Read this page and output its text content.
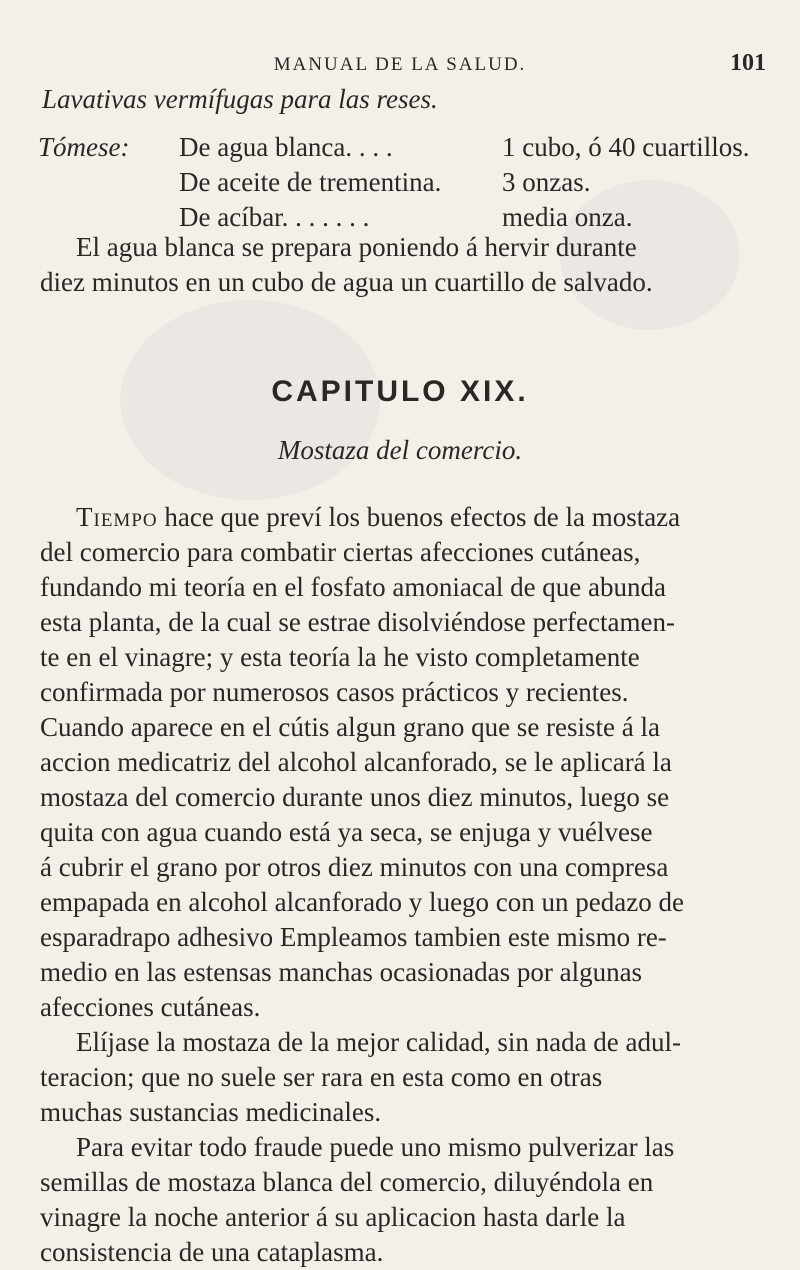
MANUAL DE LA SALUD.	101
Lavativas vermífugas para las reses.
Tómese:	De agua blanca. . . .	1 cubo, ó 40 cuartillos.
De aceite de trementina.	3 onzas.
De acíbar. . . . . . .	media onza.
El agua blanca se prepara poniendo á hervir durante
diez minutos en un cubo de agua un cuartillo de salvado.
CAPITULO XIX.
Mostaza del comercio.
Tiempo hace que preví los buenos efectos de la mostaza
del comercio para combatir ciertas afecciones cutáneas,
fundando mi teoría en el fosfato amoniacal de que abunda
esta planta, de la cual se estrae disolviéndose perfectamen-
te en el vinagre; y esta teoría la he visto completamente
confirmada por numerosos casos prácticos y recientes.
Cuando aparece en el cútis algun grano que se resiste á la
accion medicatriz del alcohol alcanforado, se le aplicará la
mostaza del comercio durante unos diez minutos, luego se
quita con agua cuando está ya seca, se enjuga y vuélvese
á cubrir el grano por otros diez minutos con una compresa
empapada en alcohol alcanforado y luego con un pedazo de
esparadrapo adhesivo Empleamos tambien este mismo re-
medio en las estensas manchas ocasionadas por algunas
afecciones cutáneas.
Elíjase la mostaza de la mejor calidad, sin nada de adul-
teracion; que no suele ser rara en esta como en otras
muchas sustancias medicinales.
Para evitar todo fraude puede uno mismo pulverizar las
semillas de mostaza blanca del comercio, diluyéndola en
vinagre la noche anterior á su aplicacion hasta darle la
consistencia de una cataplasma.
